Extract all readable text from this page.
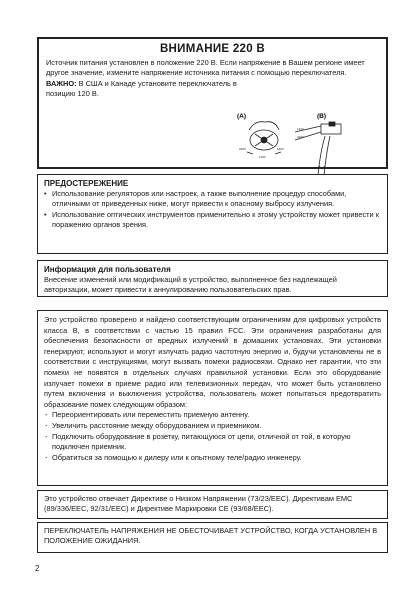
ВНИМАНИЕ 220 В
Источник питания установлен в положение 220 В. Если напряжение в Вашем регионе имеет другое значение, измените напряжение источника питания с помощью переключателя.
ВАЖНО: В США и Канаде установите переключатель в позицию 120 В.
(A)	(B)
220V	120V
110V
110V
220V
ПРЕДОСТЕРЕЖЕНИЕ
• Использование регуляторов или настроек, а также выполнение процедур способами, отличными от приведенных ниже, могут привести к опасному выбросу излучения.
• Использование оптических инструментов применительно к этому устройству может привести к поражению органов зрения.
Информация для пользователя
Внесение изменений или модификаций в устройство, выполненное без надлежащей авторизации, может привести к аннулированию пользовательских прав.
Это устройство проверено и найдено соответствующим ограничениям для цифровых устройств класса В, в соответствии с частью 15 правил FCC. Эти ограничения разработаны для обеспечения безопасности от вредных излучений в домашних установках. Эти установки генерируют, используют и могут излучать радио частотную энергию и, будучи установлены не в соответствии с инструкциями, могут вызвать помехи радиосвязи. Однако нет гарантии, что эти помехи не появятся в отдельных случаях правильной установки. Если это оборудование излучает помехи в приеме радио или телевизионных передач, что может быть установлено путем включения и выключения устройства, пользователь может попытаться предотвратить образование помех следующим образом:
- Переориентировать или переместить приемную антенну.
- Увеличить расстояние между оборудованием и приемником.
- Подключить оборудование в розетку, питающуюся от цепи, отличной от той, в которую подключен приемник.
- Обратиться за помощью к дилеру или к опытному теле/радио инженеру.
Это устройство отвечает Директиве о Низком Напряжении (73/23/EEC). Директивам EMC (89/336/EEC, 92/31/EEC) и Директиве Маркировки CE (93/68/EEC).
ПЕРЕКЛЮЧАТЕЛЬ НАПРЯЖЕНИЯ НЕ ОБЕСТОЧИВАЕТ УСТРОЙСТВО, КОГДА УСТАНОВЛЕН В ПОЛОЖЕНИЕ ОЖИДАНИЯ.
2
